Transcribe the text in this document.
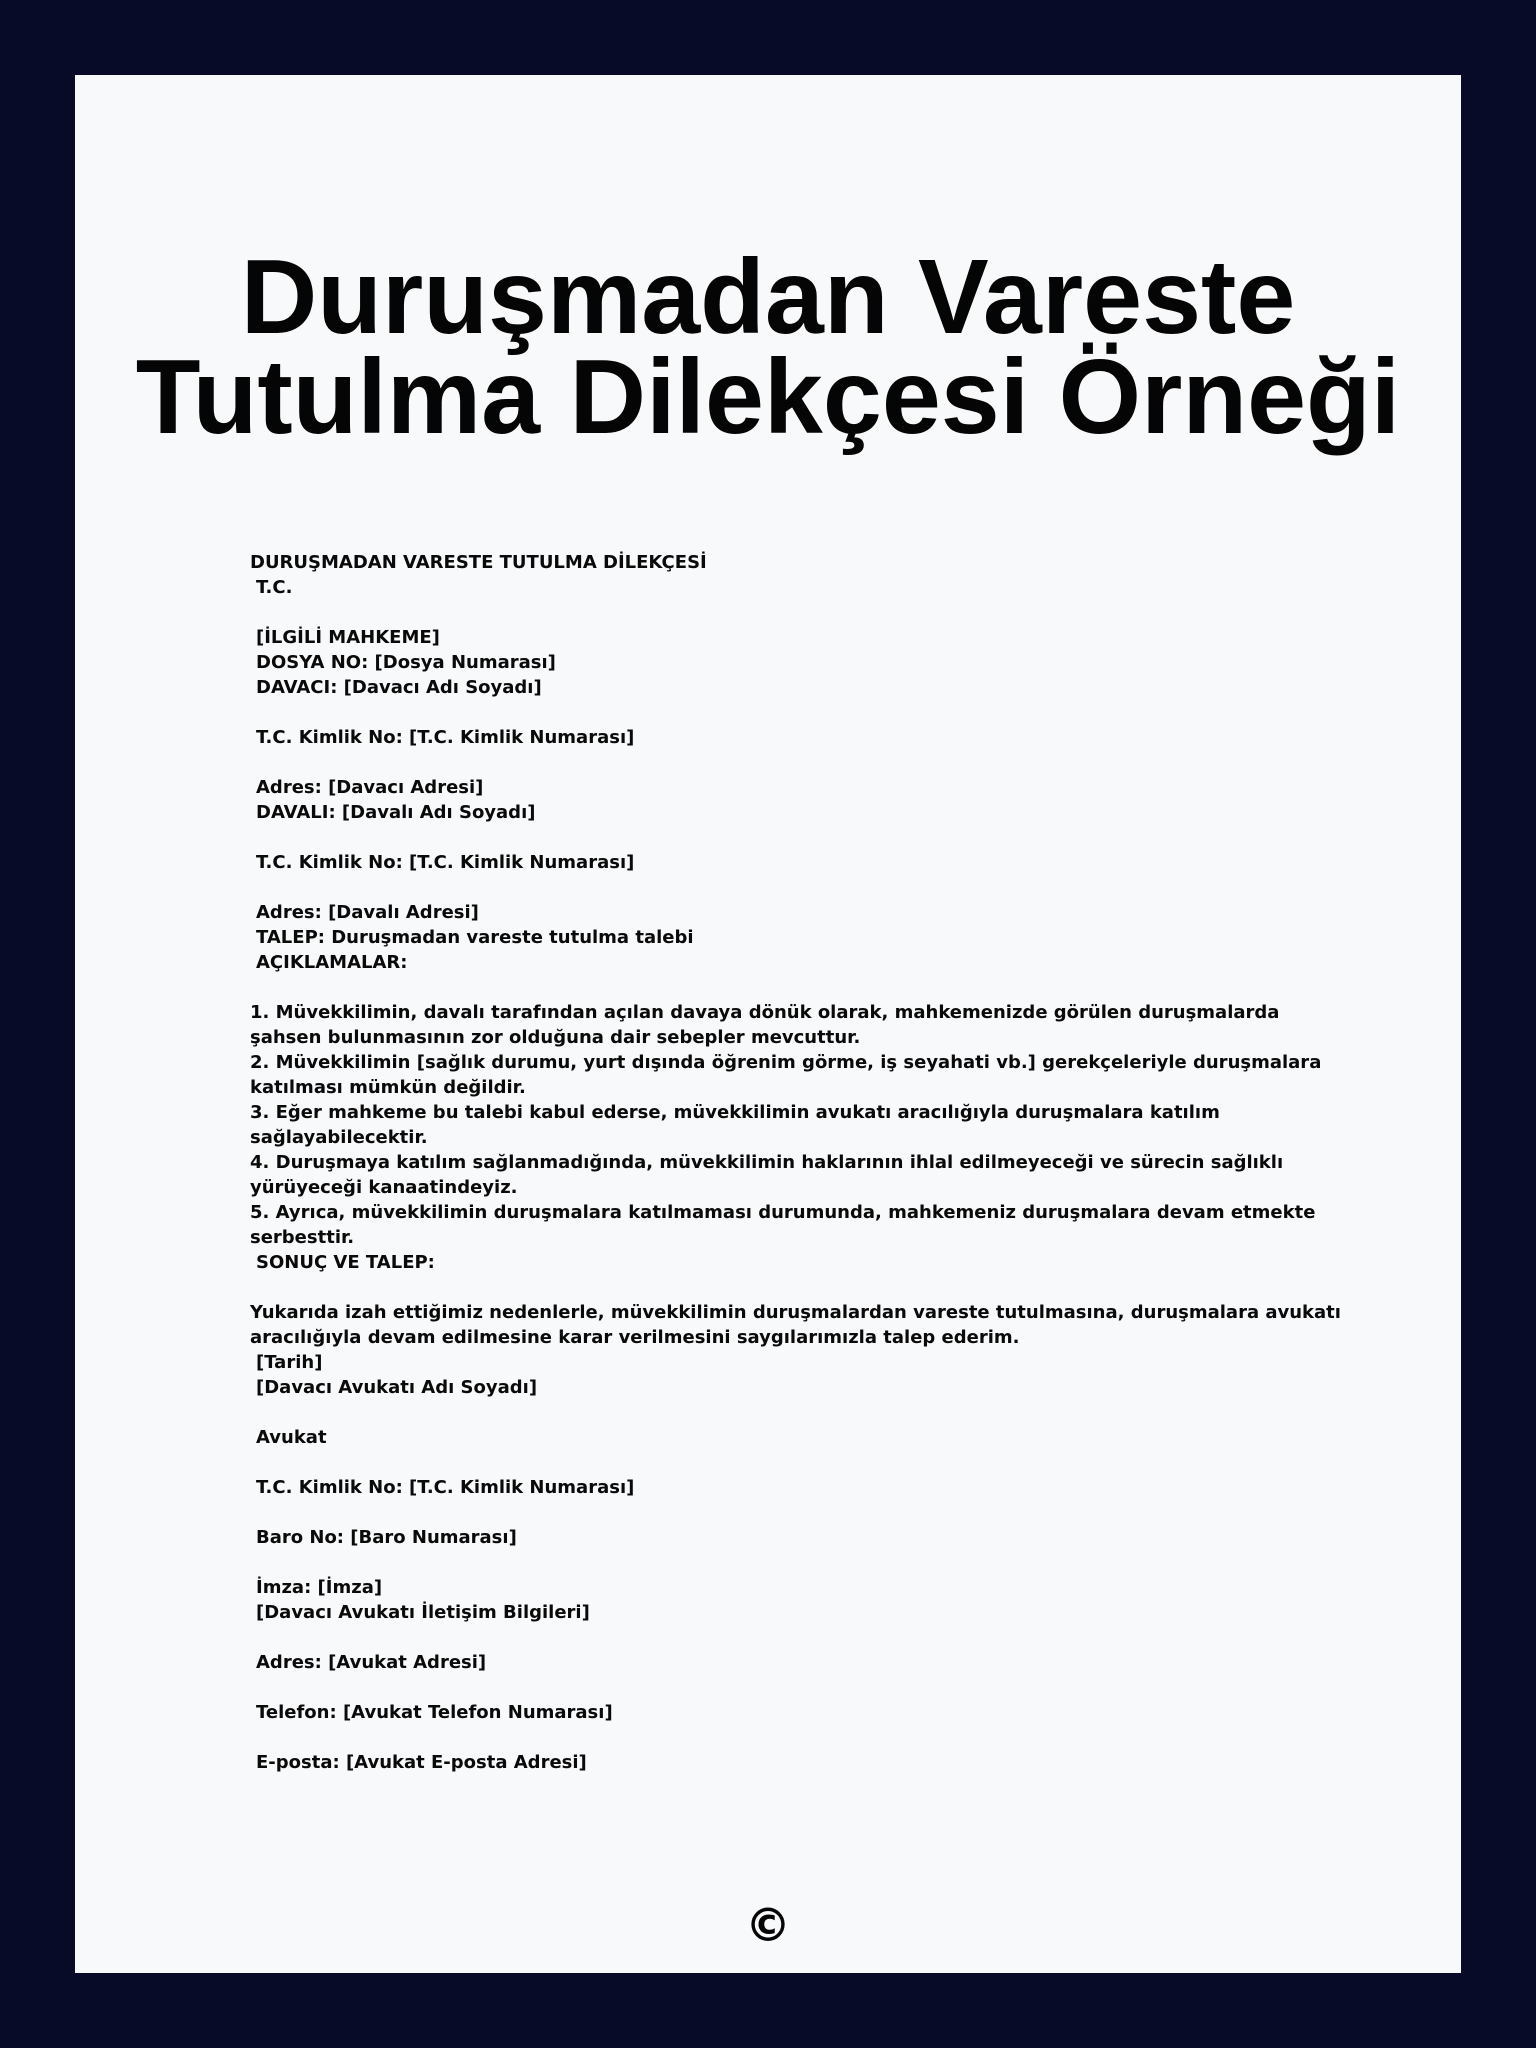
Duruşmadan Vareste
Tutulma Dilekçesi Örneği
DURUŞMADAN VARESTE TUTULMA DİLEKÇESİ
T.C.
[İLGİLİ MAHKEME]
DOSYA NO: [Dosya Numarası]
DAVACI: [Davacı Adı Soyadı]
T.C. Kimlik No: [T.C. Kimlik Numarası]
Adres: [Davacı Adresi]
DAVALI: [Davalı Adı Soyadı]
T.C. Kimlik No: [T.C. Kimlik Numarası]
Adres: [Davalı Adresi]
TALEP: Duruşmadan vareste tutulma talebi
AÇIKLAMALAR:
1. Müvekkilimin, davalı tarafından açılan davaya dönük olarak, mahkemenizde görülen duruşmalarda
şahsen bulunmasının zor olduğuna dair sebepler mevcuttur.
2. Müvekkilimin [sağlık durumu, yurt dışında öğrenim görme, iş seyahati vb.] gerekçeleriyle duruşmalara
katılması mümkün değildir.
3. Eğer mahkeme bu talebi kabul ederse, müvekkilimin avukatı aracılığıyla duruşmalara katılım
sağlayabilecektir.
4. Duruşmaya katılım sağlanmadığında, müvekkilimin haklarının ihlal edilmeyeceği ve sürecin sağlıklı
yürüyeceği kanaatindeyiz.
5. Ayrıca, müvekkilimin duruşmalara katılmaması durumunda, mahkemeniz duruşmalara devam etmekte
serbesttir.
SONUÇ VE TALEP:
Yukarıda izah ettiğimiz nedenlerle, müvekkilimin duruşmalardan vareste tutulmasına, duruşmalara avukatı
aracılığıyla devam edilmesine karar verilmesini saygılarımızla talep ederim.
[Tarih]
[Davacı Avukatı Adı Soyadı]
Avukat
T.C. Kimlik No: [T.C. Kimlik Numarası]
Baro No: [Baro Numarası]
İmza: [İmza]
[Davacı Avukatı İletişim Bilgileri]
Adres: [Avukat Adresi]
Telefon: [Avukat Telefon Numarası]
E-posta: [Avukat E-posta Adresi]
©
